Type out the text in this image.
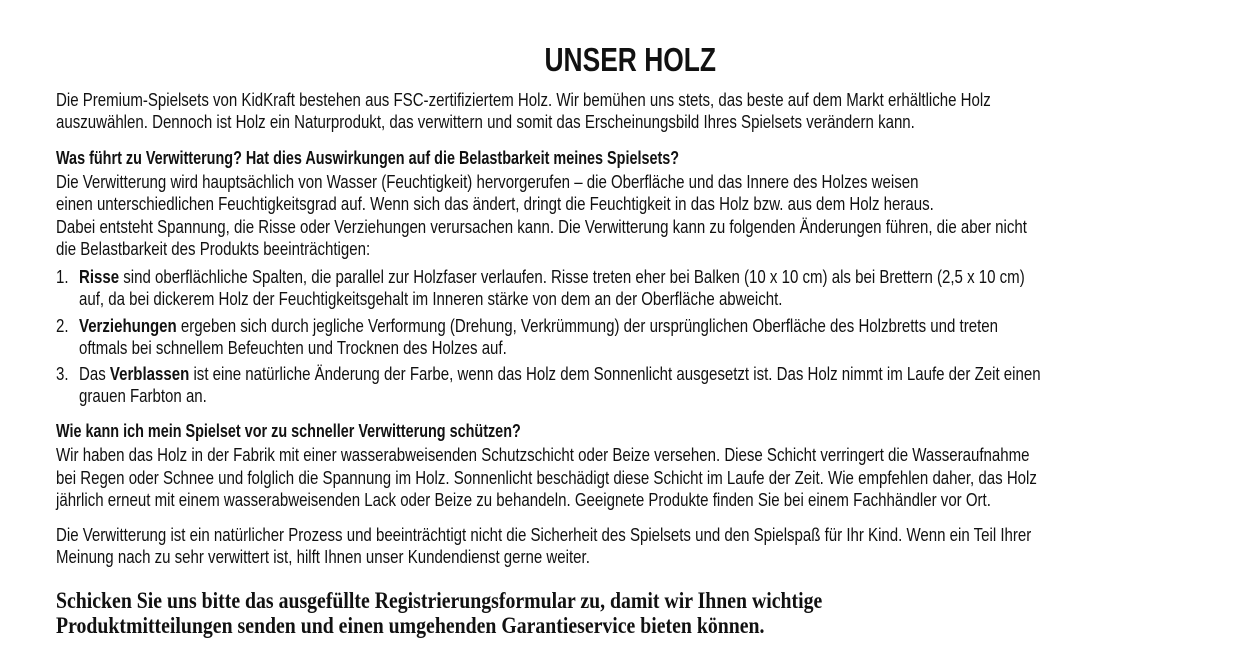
UNSER HOLZ
Die Premium-Spielsets von KidKraft bestehen aus FSC-zertifiziertem Holz. Wir bemühen uns stets, das beste auf dem Markt erhältliche Holz
auszuwählen. Dennoch ist Holz ein Naturprodukt, das verwittern und somit das Erscheinungsbild Ihres Spielsets verändern kann.
Was führt zu Verwitterung? Hat dies Auswirkungen auf die Belastbarkeit meines Spielsets?
Die Verwitterung wird hauptsächlich von Wasser (Feuchtigkeit) hervorgerufen – die Oberfläche und das Innere des Holzes weisen
einen unterschiedlichen Feuchtigkeitsgrad auf. Wenn sich das ändert, dringt die Feuchtigkeit in das Holz bzw. aus dem Holz heraus.
Dabei entsteht Spannung, die Risse oder Verziehungen verursachen kann. Die Verwitterung kann zu folgenden Änderungen führen, die aber nicht
die Belastbarkeit des Produkts beeinträchtigen:
1. Risse sind oberflächliche Spalten, die parallel zur Holzfaser verlaufen. Risse treten eher bei Balken (10 x 10 cm) als bei Brettern (2,5 x 10 cm)
auf, da bei dickerem Holz der Feuchtigkeitsgehalt im Inneren stärke von dem an der Oberfläche abweicht.
2. Verziehungen ergeben sich durch jegliche Verformung (Drehung, Verkrümmung) der ursprünglichen Oberfläche des Holzbretts und treten
oftmals bei schnellem Befeuchten und Trocknen des Holzes auf.
3. Das Verblassen ist eine natürliche Änderung der Farbe, wenn das Holz dem Sonnenlicht ausgesetzt ist. Das Holz nimmt im Laufe der Zeit einen
grauen Farbton an.
Wie kann ich mein Spielset vor zu schneller Verwitterung schützen?
Wir haben das Holz in der Fabrik mit einer wasserabweisenden Schutzschicht oder Beize versehen. Diese Schicht verringert die Wasseraufnahme
bei Regen oder Schnee und folglich die Spannung im Holz. Sonnenlicht beschädigt diese Schicht im Laufe der Zeit. Wie empfehlen daher, das Holz
jährlich erneut mit einem wasserabweisenden Lack oder Beize zu behandeln. Geeignete Produkte finden Sie bei einem Fachhändler vor Ort.
Die Verwitterung ist ein natürlicher Prozess und beeinträchtigt nicht die Sicherheit des Spielsets und den Spielspaß für Ihr Kind. Wenn ein Teil Ihrer
Meinung nach zu sehr verwittert ist, hilft Ihnen unser Kundendienst gerne weiter.
Schicken Sie uns bitte das ausgefüllte Registrierungsformular zu, damit wir Ihnen wichtige
Produktmitteilungen senden und einen umgehenden Garantieservice bieten können.
